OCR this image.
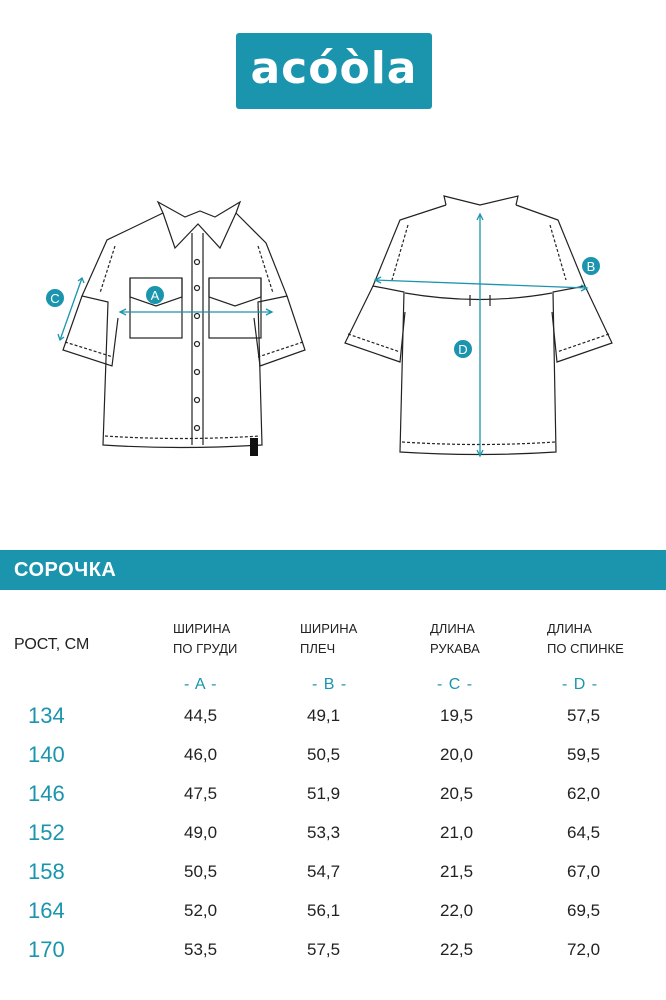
acóòla
A
C
B
D
СОРОЧКА
РОСТ, СМ
ШИРИНА
ПО ГРУДИ
ШИРИНА
ПЛЕЧ
ДЛИНА
РУКАВА
ДЛИНА
ПО СПИНКЕ
- A -	- B -	- C -	- D -
134	44,5	49,1	19,5	57,5
140	46,0	50,5	20,0	59,5
146	47,5	51,9	20,5	62,0
152	49,0	53,3	21,0	64,5
158	50,5	54,7	21,5	67,0
164	52,0	56,1	22,0	69,5
170	53,5	57,5	22,5	72,0
